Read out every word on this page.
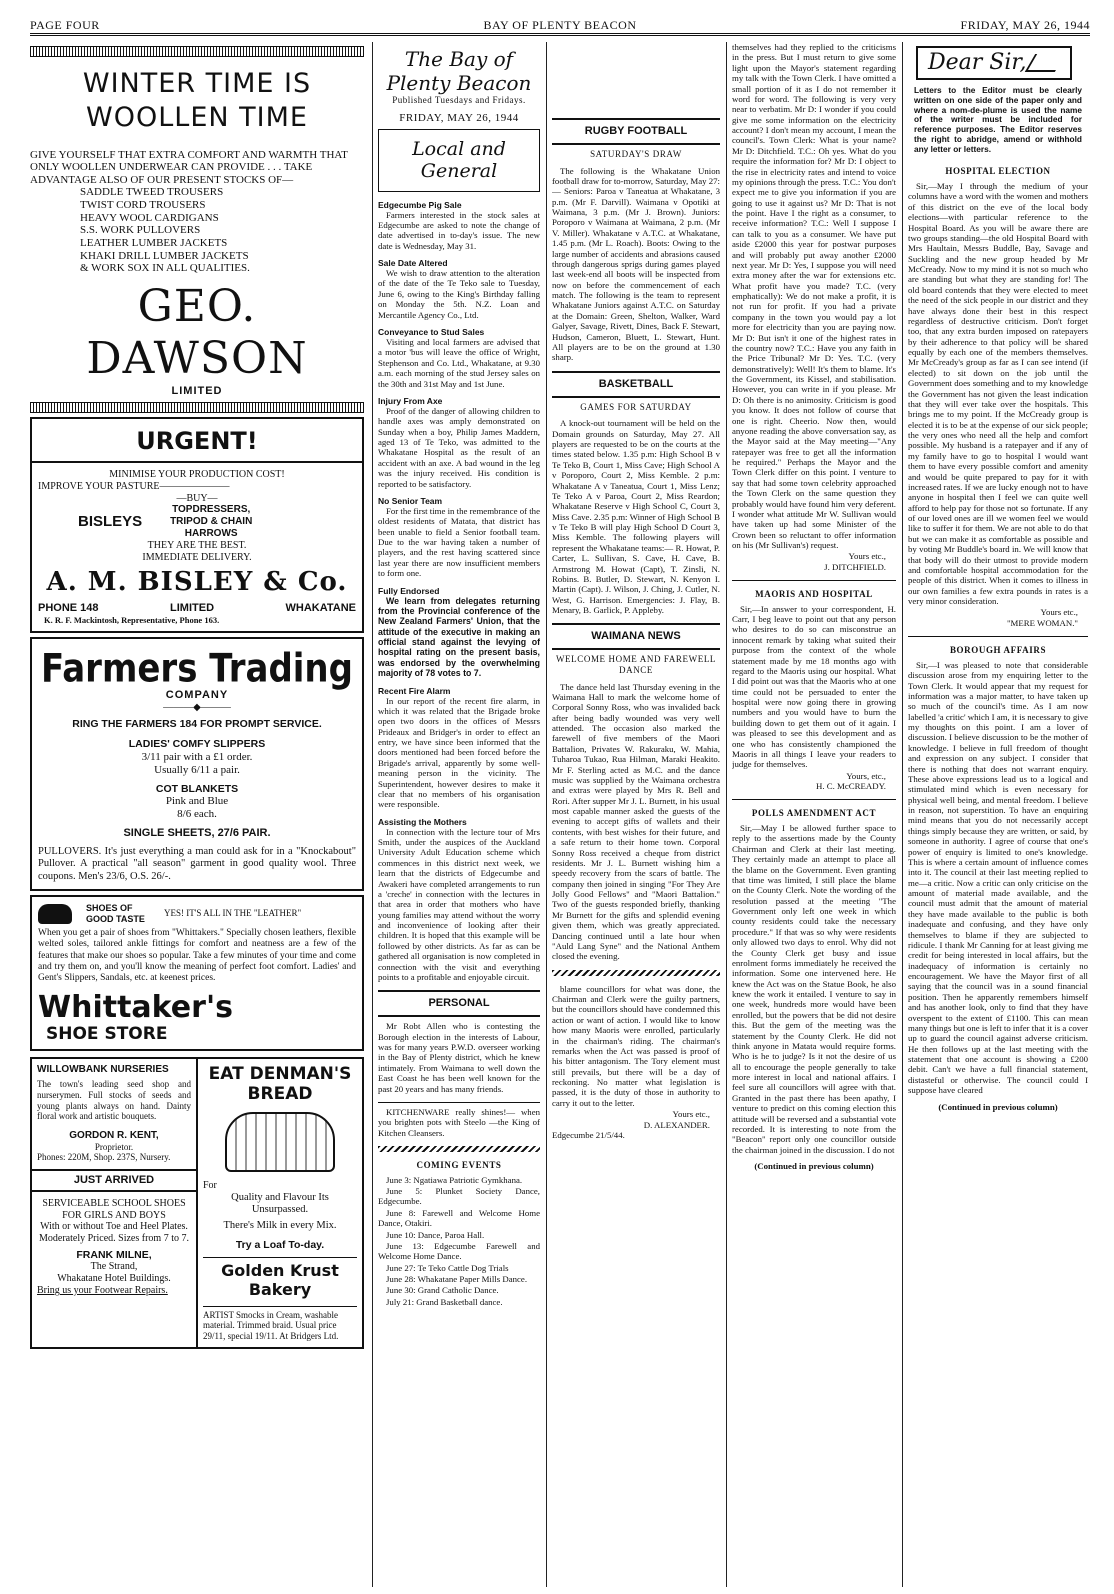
PAGE FOUR	BAY OF PLENTY BEACON	FRIDAY, MAY 26, 1944
WINTER TIME IS WOOLLEN TIME
GIVE YOURSELF THAT EXTRA COMFORT AND WARMTH THAT ONLY WOOLLEN UNDERWEAR CAN PROVIDE . . . TAKE ADVANTAGE ALSO OF OUR PRESENT STOCKS OF—
SADDLE TWEED TROUSERS
TWIST CORD TROUSERS
HEAVY WOOL CARDIGANS
S.S. WORK PULLOVERS
LEATHER LUMBER JACKETS
KHAKI DRILL LUMBER JACKETS
& WORK SOX IN ALL QUALITIES.
GEO. DAWSON
LIMITED
URGENT!
MINIMISE YOUR PRODUCTION COST!
IMPROVE YOUR PASTURE———————
—BUY—
BISLEYS
TOPDRESSERS, TRIPOD & CHAIN HARROWS
THEY ARE THE BEST.
IMMEDIATE DELIVERY.
A. M. BISLEY & Co.
PHONE 148	LIMITED	WHAKATANE
K. R. F. Mackintosh, Representative, Phone 163.
Farmers Trading
COMPANY
———◆———
RING THE FARMERS 184 FOR PROMPT SERVICE.
LADIES' COMFY SLIPPERS
3/11 pair with a £1 order.
Usually 6/11 a pair.
COT BLANKETS
Pink and Blue
8/6 each.
SINGLE SHEETS, 27/6 PAIR.
PULLOVERS. It's just everything a man could ask for in a "Knockabout" Pullover. A practical "all season" garment in good quality wool. Three coupons. Men's 23/6, O.S. 26/-.
SHOES OF GOOD TASTE
YES! IT'S ALL IN THE "LEATHER"
When you get a pair of shoes from "Whittakers." Specially chosen leathers, flexible welted soles, tailored ankle fittings for comfort and neatness are a few of the features that make our shoes so popular. Take a few minutes of your time and come and try them on, and you'll know the meaning of perfect foot comfort. Ladies' and Gent's Slippers, Sandals, etc. at keenest prices.
Whittaker's SHOE STORE
WILLOWBANK NURSERIES
The town's leading seed shop and nurserymen. Full stocks of seeds and young plants always on hand. Dainty floral work and artistic bouquets.
GORDON R. KENT,
Proprietor.
Phones: 220M, Shop. 237S, Nursery.
JUST ARRIVED
SERVICEABLE SCHOOL SHOES FOR GIRLS AND BOYS
With or without Toe and Heel Plates. Moderately Priced. Sizes from 7 to 7.
FRANK MILNE,
The Strand,
Whakatane Hotel Buildings.
Bring us your Footwear Repairs.
EAT DENMAN'S BREAD
For
Quality and Flavour Its Unsurpassed.
There's Milk in every Mix.
Try a Loaf To-day.
Golden Krust Bakery
ARTIST Smocks in Cream, washable material. Trimmed braid. Usual price 29/11, special 19/11. At Bridgers Ltd.
The Bay of Plenty Beacon
Published Tuesdays and Fridays.
FRIDAY, MAY 26, 1944
Local and General
Edgecumbe Pig Sale

Farmers interested in the stock sales at Edgecumbe are asked to note the change of date advertised in to-day's issue. The new date is Wednesday, May 31.

Sale Date Altered

We wish to draw attention to the alteration of the date of the Te Teko sale to Tuesday, June 6, owing to the King's Birthday falling on Monday the 5th. N.Z. Loan and Mercantile Agency Co., Ltd.

Conveyance to Stud Sales

Visiting and local farmers are advised that a motor 'bus will leave the office of Wright, Stephenson and Co. Ltd., Whakatane, at 9.30 a.m. each morning of the stud Jersey sales on the 30th and 31st May and 1st June.

Injury From Axe

Proof of the danger of allowing children to handle axes was amply demonstrated on Sunday when a boy, Philip James Maddern, aged 13 of Te Teko, was admitted to the Whakatane Hospital as the result of an accident with an axe. A bad wound in the leg was the injury received. His condition is reported to be satisfactory.

No Senior Team

For the first time in the remembrance of the oldest residents of Matata, that district has been unable to field a Senior football team. Due to the war having taken a number of players, and the rest having scattered since last year there are now insufficient members to form one.

Fully Endorsed

We learn from delegates returning from the Provincial conference of the New Zealand Farmers' Union, that the attitude of the executive in making an official stand against the levying of hospital rating on the present basis, was endorsed by the overwhelming majority of 78 votes to 7.

Recent Fire Alarm

In our report of the recent fire alarm, in which it was related that the Brigade broke open two doors in the offices of Messrs Prideaux and Bridger's in order to effect an entry, we have since been informed that the doors mentioned had been forced before the Brigade's arrival, apparently by some well-meaning person in the vicinity. The Superintendent, however desires to make it clear that no members of his organisation were responsible.

Assisting the Mothers

In connection with the lecture tour of Mrs Smith, under the auspices of the Auckland University Adult Education scheme which commences in this district next week, we learn that the districts of Edgecumbe and Awakeri have completed arrangements to run a 'creche' in connection with the lectures in that area in order that mothers who have young families may attend without the worry and inconvenience of looking after their children. It is hoped that this example will be followed by other districts. As far as can be gathered all organisation is now completed in connection with the visit and everything points to a profitable and enjoyable circuit.

PERSONAL

Mr Robt Allen who is contesting the Borough election in the interests of Labour, was for many years P.W.D. overseer working in the Bay of Plenty district, which he knew intimately. From Waimana to well down the East Coast he has been well known for the past 20 years and has many friends.

KITCHENWARE really shines!— when you brighten pots with Steelo —the King of Kitchen Cleansers.

COMING EVENTS

June 3: Ngatiawa Patriotic Gymkhana.

June 5: Plunket Society Dance, Edgecumbe.

June 8: Farewell and Welcome Home Dance, Otakiri.

June 10: Dance, Paroa Hall.

June 13: Edgecumbe Farewell and Welcome Home Dance.

June 27: Te Teko Cattle Dog Trials

June 28: Whakatane Paper Mills Dance.

June 30: Grand Catholic Dance.

July 21: Grand Basketball dance.

RUGBY FOOTBALL
SATURDAY'S DRAW

The following is the Whakatane Union football draw for to-morrow, Saturday, May 27:— Seniors: Paroa v Taneatua at Whakatane, 3 p.m. (Mr F. Darvill). Waimana v Opotiki at Waimana, 3 p.m. (Mr J. Brown). Juniors: Poroporo v Waimana at Waimana, 2 p.m. (Mr V. Miller). Whakatane v A.T.C. at Whakatane, 1.45 p.m. (Mr L. Roach). Boots: Owing to the large number of accidents and abrasions caused through dangerous sprigs during games played last week-end all boots will be inspected from now on before the commencement of each match. The following is the team to represent Whakatane Juniors against A.T.C. on Saturday at the Domain: Green, Shelton, Walker, Ward Galyer, Savage, Rivett, Dines, Back F. Stewart, Hudson, Cameron, Bluett, L. Stewart, Hunt. All players are to be on the ground at 1.30 sharp.

BASKETBALL
GAMES FOR SATURDAY

A knock-out tournament will be held on the Domain grounds on Saturday, May 27. All players are requested to be on the courts at the times stated below. 1.35 p.m: High School B v Te Teko B, Court 1, Miss Cave; High School A v Poroporo, Court 2, Miss Kemble. 2 p.m: Whakatane A v Taneatua, Court 1, Miss Lenz; Te Teko A v Paroa, Court 2, Miss Reardon; Whakatane Reserve v High School C, Court 3, Miss Cave. 2.35 p.m: Winner of High School B v Te Teko B will play High School D Court 3, Miss Kemble. The following players will represent the Whakatane teams:— R. Howat, P. Carter, L. Sullivan, S. Cave, H. Cave, B. Armstrong M. Howat (Capt), T. Zinsli, N. Robins. B. Butler, D. Stewart, N. Kenyon I. Martin (Capt). J. Wilson, J. Ching, J. Cutler, N. West, G. Harrison. Emergencies: J. Flay, B. Menary, B. Garlick, P. Appleby.

WAIMANA NEWS
WELCOME HOME AND FAREWELL DANCE

The dance held last Thursday evening in the Waimana Hall to mark the welcome home of Corporal Sonny Ross, who was invalided back after being badly wounded was very well attended. The occasion also marked the farewell of five members of the Maori Battalion, Privates W. Rakuraku, W. Mahia, Tuharoa Tukao, Rua Hilman, Maraki Heakito. Mr F. Sterling acted as M.C. and the dance music was supplied by the Waimana orchestra and extras were played by Mrs R. Bell and Rori. After supper Mr J. L. Burnett, in his usual most capable manner asked the guests of the evening to accept gifts of wallets and their contents, with best wishes for their future, and a safe return to their home town. Corporal Sonny Ross received a cheque from district residents. Mr J. L. Burnett wishing him a speedy recovery from the scars of battle. The company then joined in singing "For They Are Jolly Good Fellows" and "Maori Battalion." Two of the guests responded briefly, thanking Mr Burnett for the gifts and splendid evening given them, which was greatly appreciated. Dancing continued until a late hour when "Auld Lang Syne" and the National Anthem closed the evening.

blame councillors for what was done, the Chairman and Clerk were the guilty partners, but the councillors should have condemned this action or want of action. I would like to know how many Maoris were enrolled, particularly in the chairman's riding. The chairman's remarks when the Act was passed is proof of his bitter antagonism. The Tory element must still prevails, but there will be a day of reckoning. No matter what legislation is passed, it is the duty of those in authority to carry it out to the letter.

Yours etc.,
D. ALEXANDER.
Edgecumbe 21/5/44.

themselves had they replied to the criticisms in the press. But I must return to give some light upon the Mayor's statement regarding my talk with the Town Clerk. I have omitted a small portion of it as I do not remember it word for word. The following is very very near to verbatim. Mr D: I wonder if you could give me some information on the electricity account? I don't mean my account, I mean the council's. Town Clerk: What is your name? Mr D: Ditchfield. T.C.: Oh yes. What do you require the information for? Mr D: I object to the rise in electricity rates and intend to voice my opinions through the press. T.C.: You don't expect me to give you information if you are going to use it against us? Mr D: That is not the point. Have I the right as a consumer, to receive information? T.C.: Well I suppose I can talk to you as a consumer. We have put aside £2000 this year for postwar purposes and will probably put away another £2000 next year. Mr D: Yes, I suppose you will need extra money after the war for extensions etc. What profit have you made? T.C. (very emphatically): We do not make a profit, it is not run for profit. If you had a private company in the town you would pay a lot more for electricity than you are paying now. Mr D: But isn't it one of the highest rates in the country now? T.C.: Have you any faith in the Price Tribunal? Mr D: Yes. T.C. (very demonstratively): Well! It's them to blame. It's the Government, its Kissel, and stabilisation. However, you can write in if you please. Mr D: Oh there is no animosity. Criticism is good you know. It does not follow of course that one is right. Cheerio. Now then, would anyone reading the above conversation say, as the Mayor said at the May meeting—"Any ratepayer was free to get all the information he required." Perhaps the Mayor and the Town Clerk differ on this point. I venture to say that had some town celebrity approached the Town Clerk on the same question they probably would have found him very deferent. I wonder what attitude Mr W. Sullivan would have taken up had some Minister of the Crown been so reluctant to offer information on his (Mr Sullivan's) request.

Yours etc.,
J. DITCHFIELD.
MAORIS AND HOSPITAL

Sir,—In answer to your correspondent, H. Carr, I beg leave to point out that any person who desires to do so can misconstrue an innocent remark by taking what suited their purpose from the context of the whole statement made by me 18 months ago with regard to the Maoris using our hospital. What I did point out was that the Maoris who at one time could not be persuaded to enter the hospital were now going there in growing numbers and you would have to burn the building down to get them out of it again. I was pleased to see this development and as one who has consistently championed the Maoris in all things I leave your readers to judge for themselves.

Yours, etc.,
H. C. McCREADY.
POLLS AMENDMENT ACT

Sir,—May I be allowed further space to reply to the assertions made by the County Chairman and Clerk at their last meeting. They certainly made an attempt to place all the blame on the Government. Even granting that time was limited, I still place the blame on the County Clerk. Note the wording of the resolution passed at the meeting "The Government only left one week in which county residents could take the necessary procedure." If that was so why were residents only allowed two days to enrol. Why did not the County Clerk get busy and issue enrolment forms immediately he received the information. Some one intervened here. He knew the Act was on the Statue Book, he also knew the work it entailed. I venture to say in one week, hundreds more would have been enrolled, but the powers that be did not desire this. But the gem of the meeting was the statement by the County Clerk. He did not think anyone in Matata would require forms. Who is he to judge? Is it not the desire of us all to encourage the people generally to take more interest in local and national affairs. I feel sure all councillors will agree with that. Granted in the past there has been apathy, I venture to predict on this coming election this attitude will be reversed and a substantial vote recorded. It is interesting to note from the "Beacon" report only one councillor outside the chairman joined in the discussion. I do not

(Continued in previous column)
Dear Sir,
Letters to the Editor must be clearly written on one side of the paper only and where a nom-de-plume is used the name of the writer must be included for reference purposes. The Editor reserves the right to abridge, amend or withhold any letter or letters.
HOSPITAL ELECTION

Sir,—May I through the medium of your columns have a word with the women and mothers of this district on the eve of the local body elections—with particular reference to the Hospital Board. As you will be aware there are two groups standing—the old Hospital Board with Mrs Haultain, Messrs Buddle, Bay, Savage and Suckling and the new group headed by Mr McCready. Now to my mind it is not so much who are standing but what they are standing for! The old board contends that they were elected to meet the need of the sick people in our district and they have always done their best in this respect regardless of destructive criticism. Don't forget too, that any extra burden imposed on ratepayers by their adherence to that policy will be shared equally by each one of the members themselves. Mr McCready's group as far as I can see intend (if elected) to sit down on the job until the Government does something and to my knowledge the Government has not given the least indication that they will ever take over the hospitals. This brings me to my point. If the McCready group is elected it is to be at the expense of our sick people; the very ones who need all the help and comfort possible. My husband is a ratepayer and if any of my family have to go to hospital I would want them to have every possible comfort and amenity and would be quite prepared to pay for it with increased rates. If we are lucky enough not to have anyone in hospital then I feel we can quite well afford to help pay for those not so fortunate. If any of our loved ones are ill we women feel we would like to suffer it for them. We are not able to do that but we can make it as comfortable as possible and by voting Mr Buddle's board in. We will know that that body will do their utmost to provide modern and comfortable hospital accommodation for the people of this district. When it comes to illness in our own families a few extra pounds in rates is a very minor consideration.

Yours etc.,
"MERE WOMAN."
BOROUGH AFFAIRS

Sir,—I was pleased to note that considerable discussion arose from my enquiring letter to the Town Clerk. It would appear that my request for information was a major matter, to have taken up so much of the council's time. As I am now labelled 'a critic' which I am, it is necessary to give my thoughts on this point. I am a lover of discussion. I believe discussion to be the mother of knowledge. I believe in full freedom of thought and expression on any subject. I consider that there is nothing that does not warrant enquiry. These above expressions lead us to a logical and stimulated mind which is even necessary for physical well being, and mental freedom. I believe in reason, not superstition. To have an enquiring mind means that you do not necessarily accept things simply because they are written, or said, by someone in authority. I agree of course that one's power of enquiry is limited to one's knowledge. This is where a certain amount of influence comes into it. The council at their last meeting replied to me—a critic. Now a critic can only criticise on the amount of material made available, and the council must admit that the amount of material they have made available to the public is both inadequate and confusing, and they have only themselves to blame if they are subjected to ridicule. I thank Mr Canning for at least giving me credit for being interested in local affairs, but the inadequacy of information is certainly no encouragement. We have the Mayor first of all saying that the council was in a sound financial position. Then he apparently remembers himself and has another look, only to find that they have overspent to the extent of £1100. This can mean many things but one is left to infer that it is a cover up to guard the council against adverse criticism. He then follows up at the last meeting with the statement that one account is showing a £200 debit. Can't we have a full financial statement, distasteful or otherwise. The council could I suppose have cleared

(Continued in previous column)
